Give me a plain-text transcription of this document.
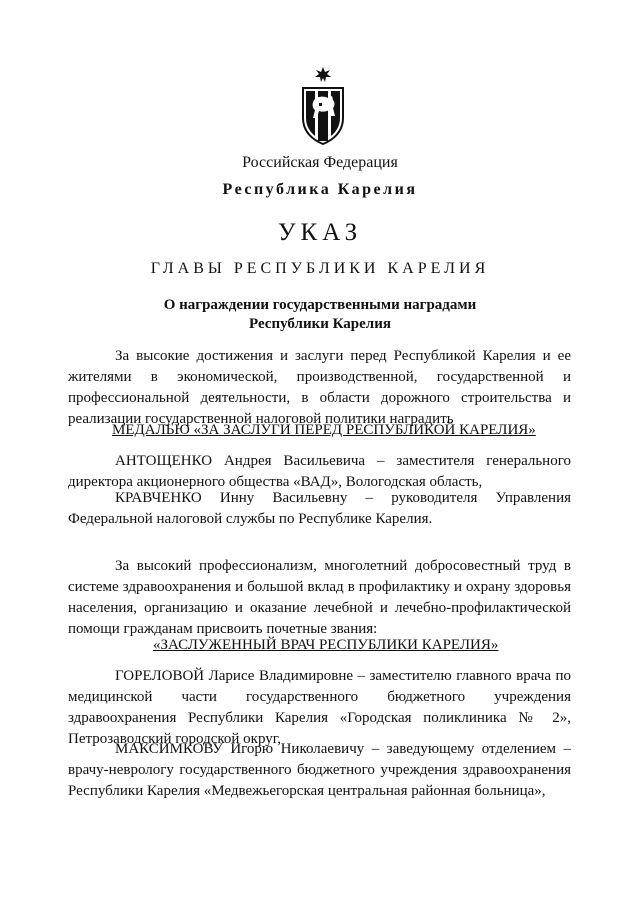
Российская Федерация
Республика Карелия
УКАЗ
ГЛАВЫ РЕСПУБЛИКИ КАРЕЛИЯ
О награждении государственными наградами
Республики Карелия
За высокие достижения и заслуги перед Республикой Карелия и ее жителями в экономической, производственной, государственной и профессиональной деятельности, в области дорожного строительства и реализации государственной налоговой политики наградить
МЕДАЛЬЮ «ЗА ЗАСЛУГИ ПЕРЕД РЕСПУБЛИКОЙ КАРЕЛИЯ»
АНТОЩЕНКО Андрея Васильевича – заместителя генерального директора акционерного общества «ВАД», Вологодская область,
КРАВЧЕНКО Инну Васильевну – руководителя Управления Федеральной налоговой службы по Республике Карелия.
За высокий профессионализм, многолетний добросовестный труд в системе здравоохранения и большой вклад в профилактику и охрану здоровья населения, организацию и оказание лечебной и лечебно-профилактической помощи гражданам присвоить почетные звания:
«ЗАСЛУЖЕННЫЙ ВРАЧ РЕСПУБЛИКИ КАРЕЛИЯ»
ГОРЕЛОВОЙ Ларисе Владимировне – заместителю главного врача по медицинской части государственного бюджетного учреждения здравоохранения Республики Карелия «Городская поликлиника № 2», Петрозаводский городской округ,
МАКСИМКОВУ Игорю Николаевичу – заведующему отделением – врачу-неврологу государственного бюджетного учреждения здравоохранения Республики Карелия «Медвежьегорская центральная районная больница»,
